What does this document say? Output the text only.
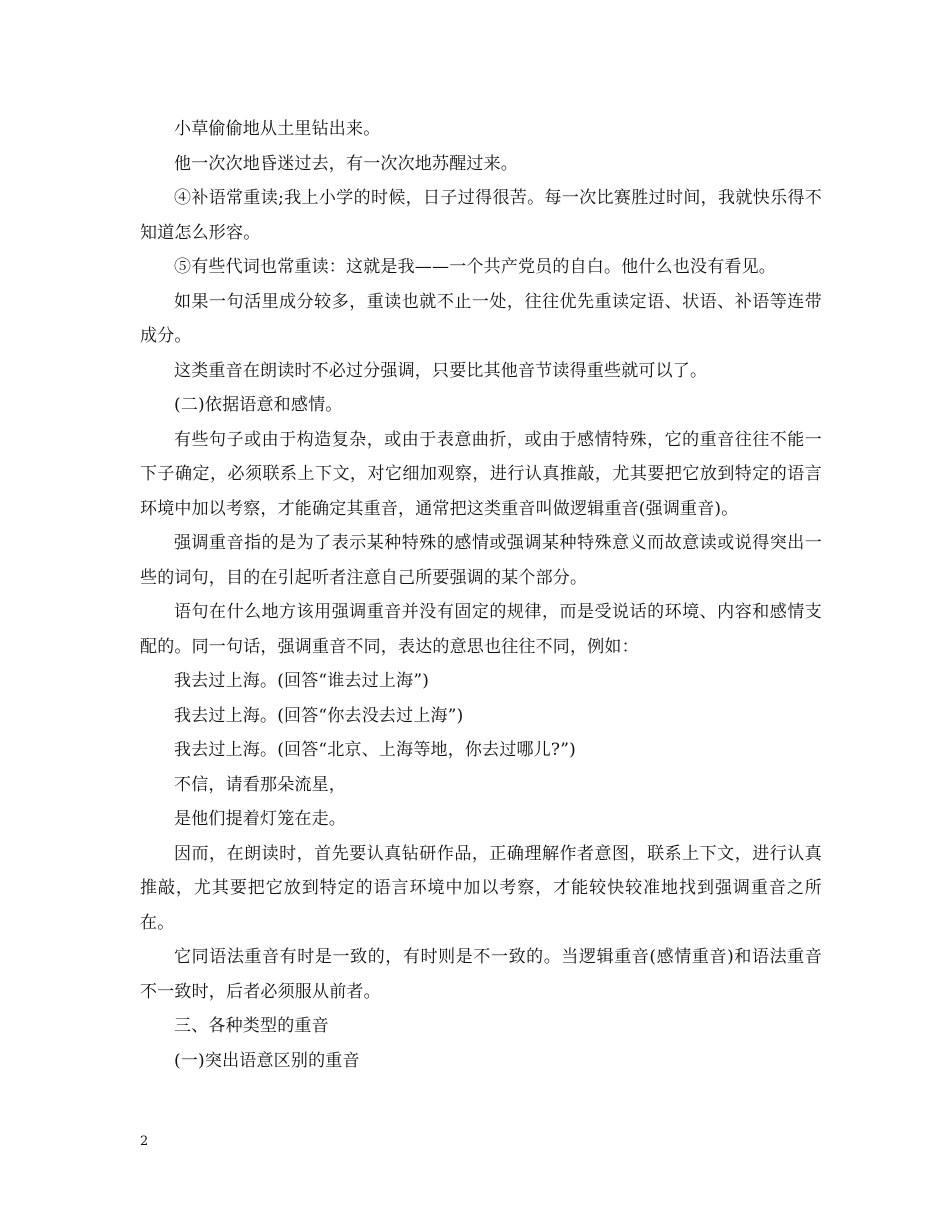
小草偷偷地从土里钻出来。

他一次次地昏迷过去，有一次次地苏醒过来。

④补语常重读;我上小学的时候，日子过得很苦。每一次比赛胜过时间，我就快乐得不知道怎么形容。

⑤有些代词也常重读：这就是我——一个共产党员的自白。他什么也没有看见。

如果一句活里成分较多，重读也就不止一处，往往优先重读定语、状语、补语等连带成分。

这类重音在朗读时不必过分强调，只要比其他音节读得重些就可以了。

(二)依据语意和感情。

有些句子或由于构造复杂，或由于表意曲折，或由于感情特殊，它的重音往往不能一下子确定，必须联系上下文，对它细加观察，进行认真推敲，尤其要把它放到特定的语言环境中加以考察，才能确定其重音，通常把这类重音叫做逻辑重音(强调重音)。

强调重音指的是为了表示某种特殊的感情或强调某种特殊意义而故意读或说得突出一些的词句，目的在引起听者注意自己所要强调的某个部分。

语句在什么地方该用强调重音并没有固定的规律，而是受说话的环境、内容和感情支配的。同一句话，强调重音不同，表达的意思也往往不同，例如：

我去过上海。(回答“谁去过上海”)

我去过上海。(回答“你去没去过上海”)

我去过上海。(回答“北京、上海等地，你去过哪儿?”)

不信，请看那朵流星，

是他们提着灯笼在走。

因而，在朗读时，首先要认真钻研作品，正确理解作者意图，联系上下文，进行认真推敲，尤其要把它放到特定的语言环境中加以考察，才能较快较准地找到强调重音之所在。

它同语法重音有时是一致的，有时则是不一致的。当逻辑重音(感情重音)和语法重音不一致时，后者必须服从前者。

三、各种类型的重音

(一)突出语意区别的重音

2
